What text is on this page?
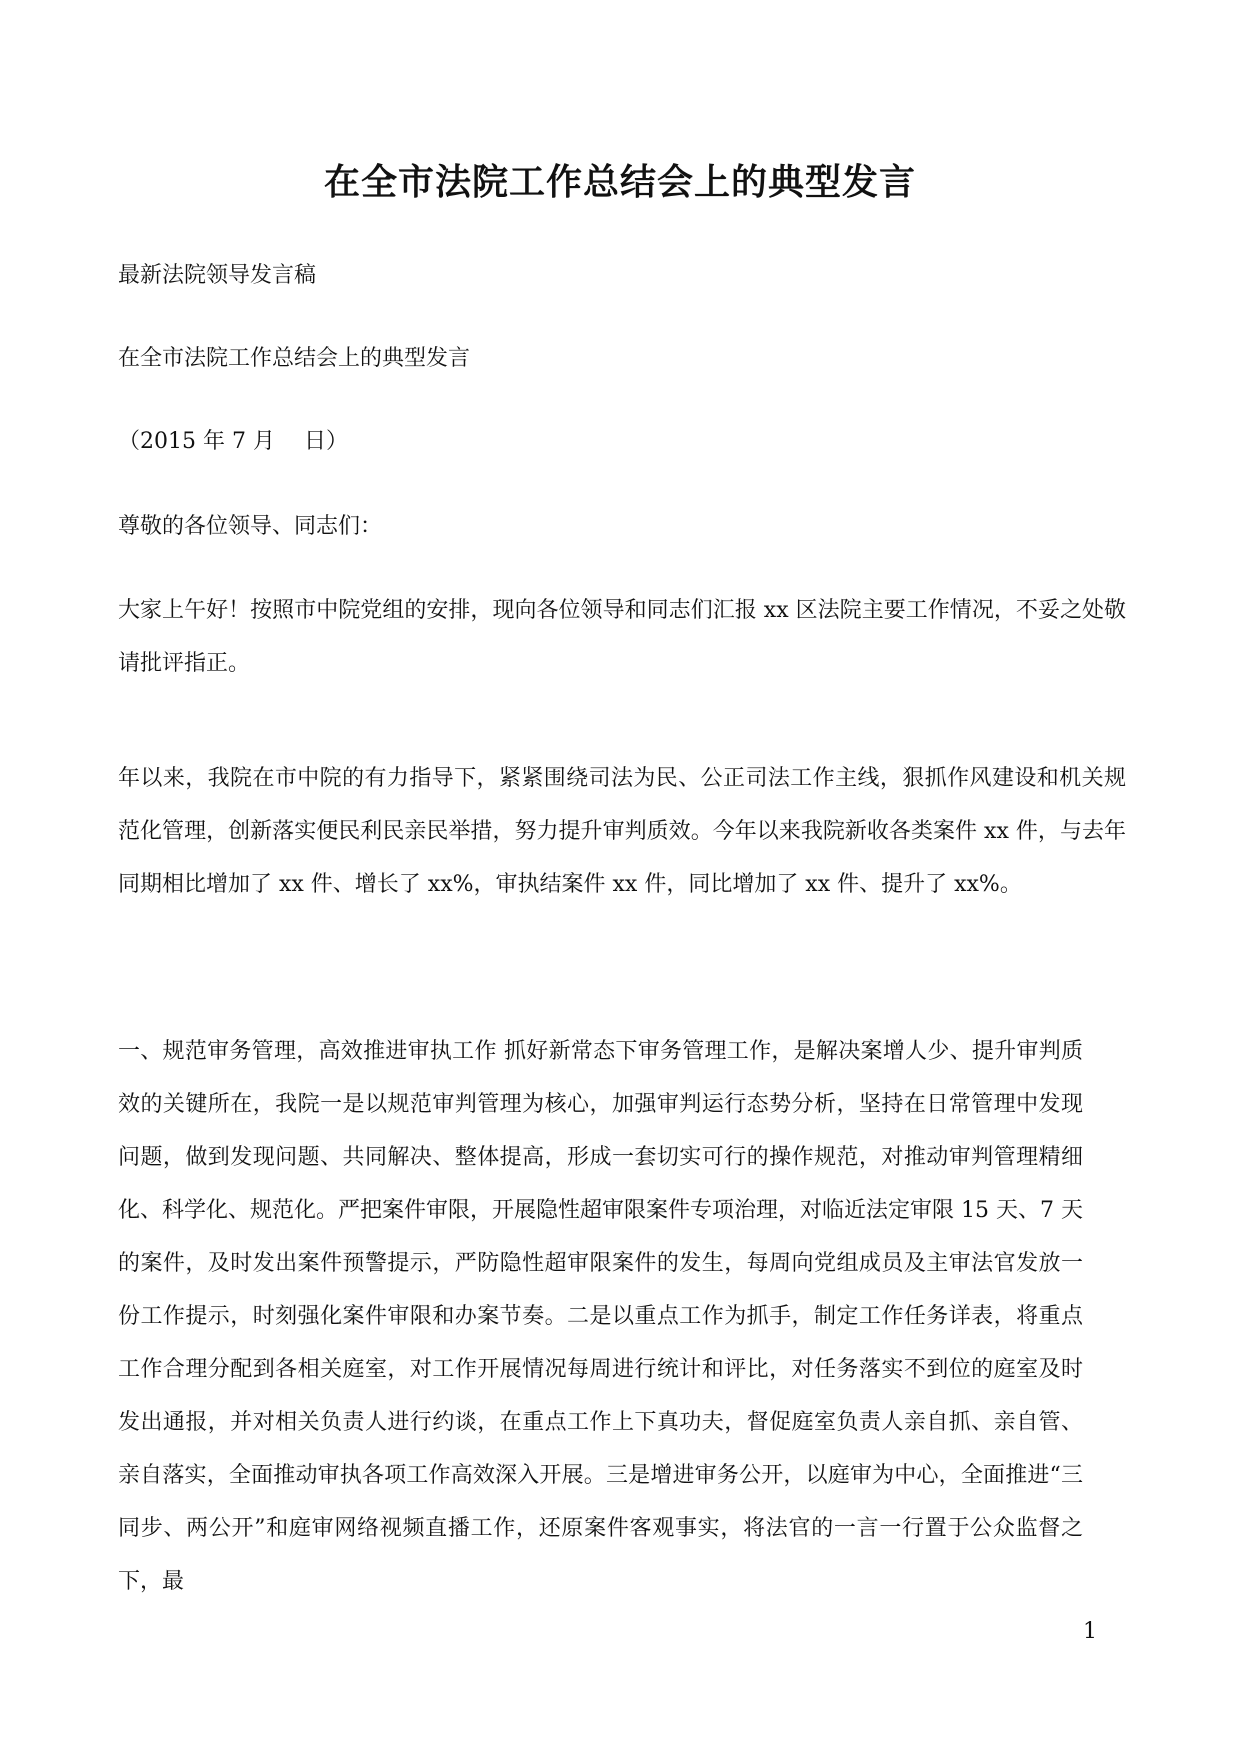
在全市法院工作总结会上的典型发言

最新法院领导发言稿

在全市法院工作总结会上的典型发言

（2015 年 7 月　 日）

尊敬的各位领导、同志们：

大家上午好！按照市中院党组的安排，现向各位领导和同志们汇报 xx 区法院主要工作情况，不妥之处敬请批评指正。

年以来，我院在市中院的有力指导下，紧紧围绕司法为民、公正司法工作主线，狠抓作风建设和机关规范化管理，创新落实便民利民亲民举措，努力提升审判质效。今年以来我院新收各类案件 xx 件，与去年同期相比增加了 xx 件、增长了 xx%，审执结案件 xx 件，同比增加了 xx 件、提升了 xx%。

一、规范审务管理，高效推进审执工作 抓好新常态下审务管理工作，是解决案增人少、提升审判质效的关键所在，我院一是以规范审判管理为核心，加强审判运行态势分析，坚持在日常管理中发现问题，做到发现问题、共同解决、整体提高，形成一套切实可行的操作规范，对推动审判管理精细化、科学化、规范化。严把案件审限，开展隐性超审限案件专项治理，对临近法定审限 15 天、7 天的案件，及时发出案件预警提示，严防隐性超审限案件的发生，每周向党组成员及主审法官发放一份工作提示，时刻强化案件审限和办案节奏。二是以重点工作为抓手，制定工作任务详表，将重点工作合理分配到各相关庭室，对工作开展情况每周进行统计和评比，对任务落实不到位的庭室及时发出通报，并对相关负责人进行约谈，在重点工作上下真功夫，督促庭室负责人亲自抓、亲自管、亲自落实，全面推动审执各项工作高效深入开展。三是增进审务公开，以庭审为中心，全面推进“三同步、两公开”和庭审网络视频直播工作，还原案件客观事实，将法官的一言一行置于公众监督之下，最

1
